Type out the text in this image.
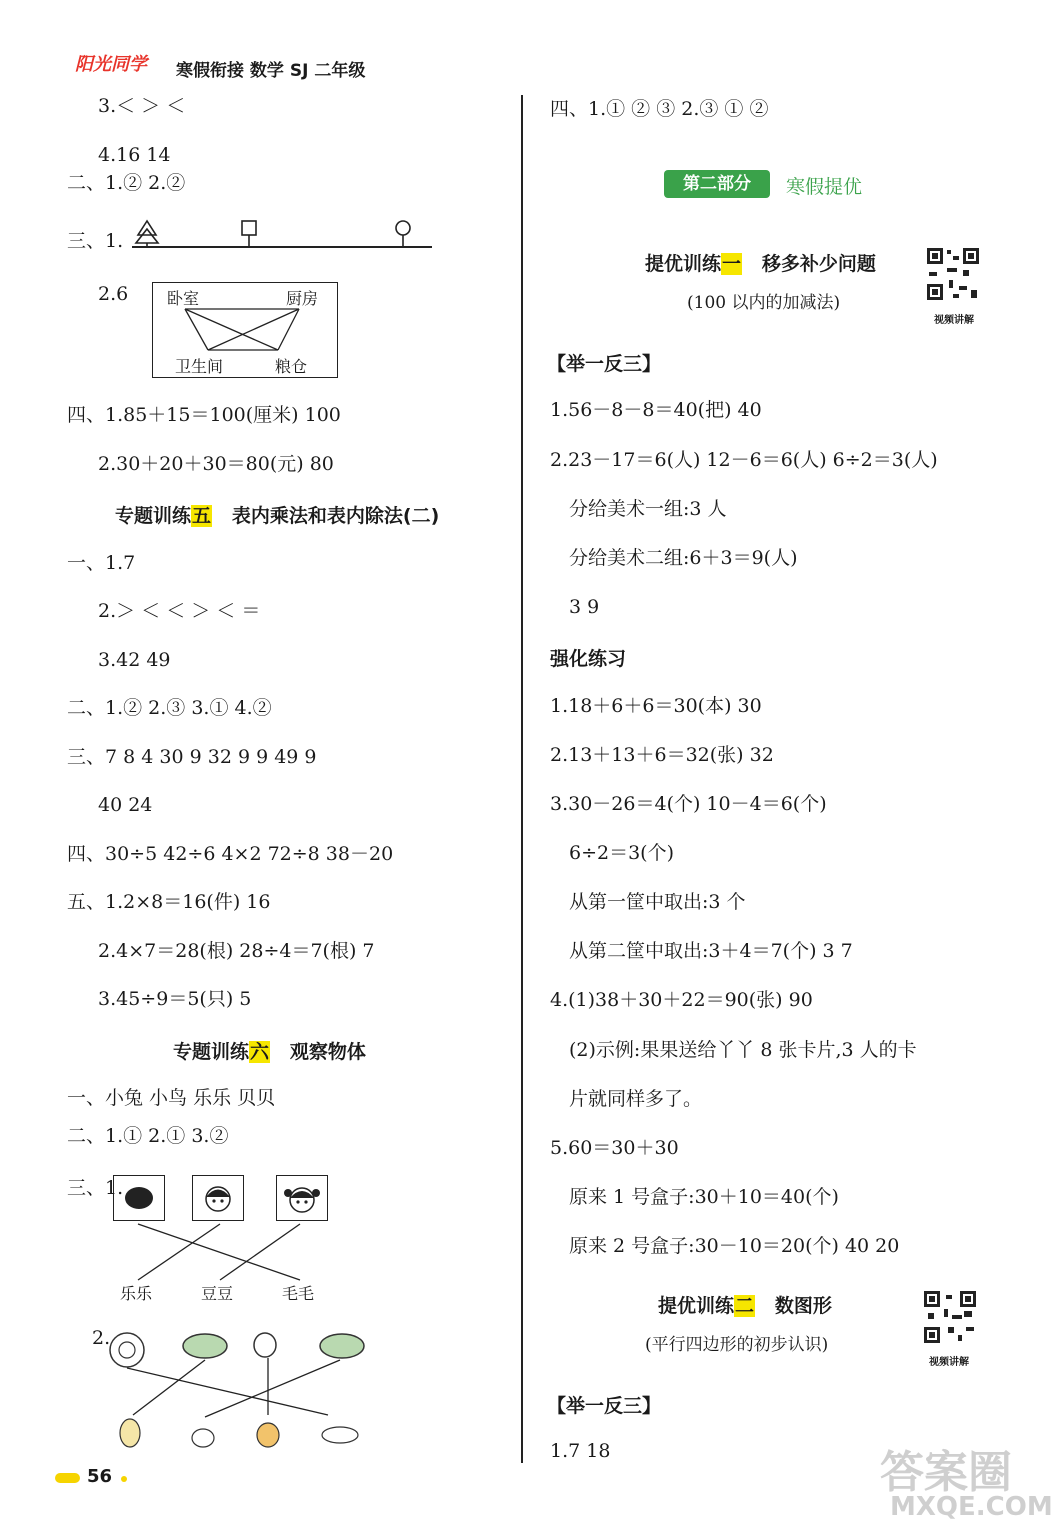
阳光同学 寒假衔接 数学 SJ 二年级
3.＜ ＞ ＜
4.16 14
二、1.② 2.②
三、1.
2.6 卧室	厨房
卫生间	粮仓
四、1.85＋15＝100(厘米) 100
2.30＋20＋30＝80(元) 80
专题训练五 表内乘法和表内除法(二)
一、1.7
2.＞ ＜ ＜ ＞ ＜ ＝
3.42 49
二、1.② 2.③ 3.① 4.②
三、7 8 4 30 9 32 9 9 49 9
40 24
四、30÷5 42÷6 4×2 72÷8 38－20
五、1.2×8＝16(件) 16
2.4×7＝28(根) 28÷4＝7(根) 7
3.45÷9＝5(只) 5
专题训练六 观察物体
一、小兔 小鸟 乐乐 贝贝
二、1.① 2.① 3.②
三、1.
乐乐	豆豆	毛毛
2.
四、1.① ② ③ 2.③ ① ②
第二部分	寒假提优
提优训练一 移多补少问题
(100 以内的加减法)
视频讲解
【举一反三】
1.56－8－8＝40(把) 40
2.23－17＝6(人) 12－6＝6(人) 6÷2＝3(人)
分给美术一组:3 人
分给美术二组:6＋3＝9(人)
3 9
强化练习
1.18＋6＋6＝30(本) 30
2.13＋13＋6＝32(张) 32
3.30－26＝4(个) 10－4＝6(个)
6÷2＝3(个)
从第一筐中取出:3 个
从第二筐中取出:3＋4＝7(个) 3 7
4.(1)38＋30＋22＝90(张) 90
(2)示例:果果送给丫丫 8 张卡片,3 人的卡
片就同样多了。
5.60＝30＋30
原来 1 号盒子:30＋10＝40(个)
原来 2 号盒子:30－10＝20(个) 40 20
提优训练二 数图形
(平行四边形的初步认识)
视频讲解
【举一反三】
1.7 18
56	答案圈
MXQE.COM
